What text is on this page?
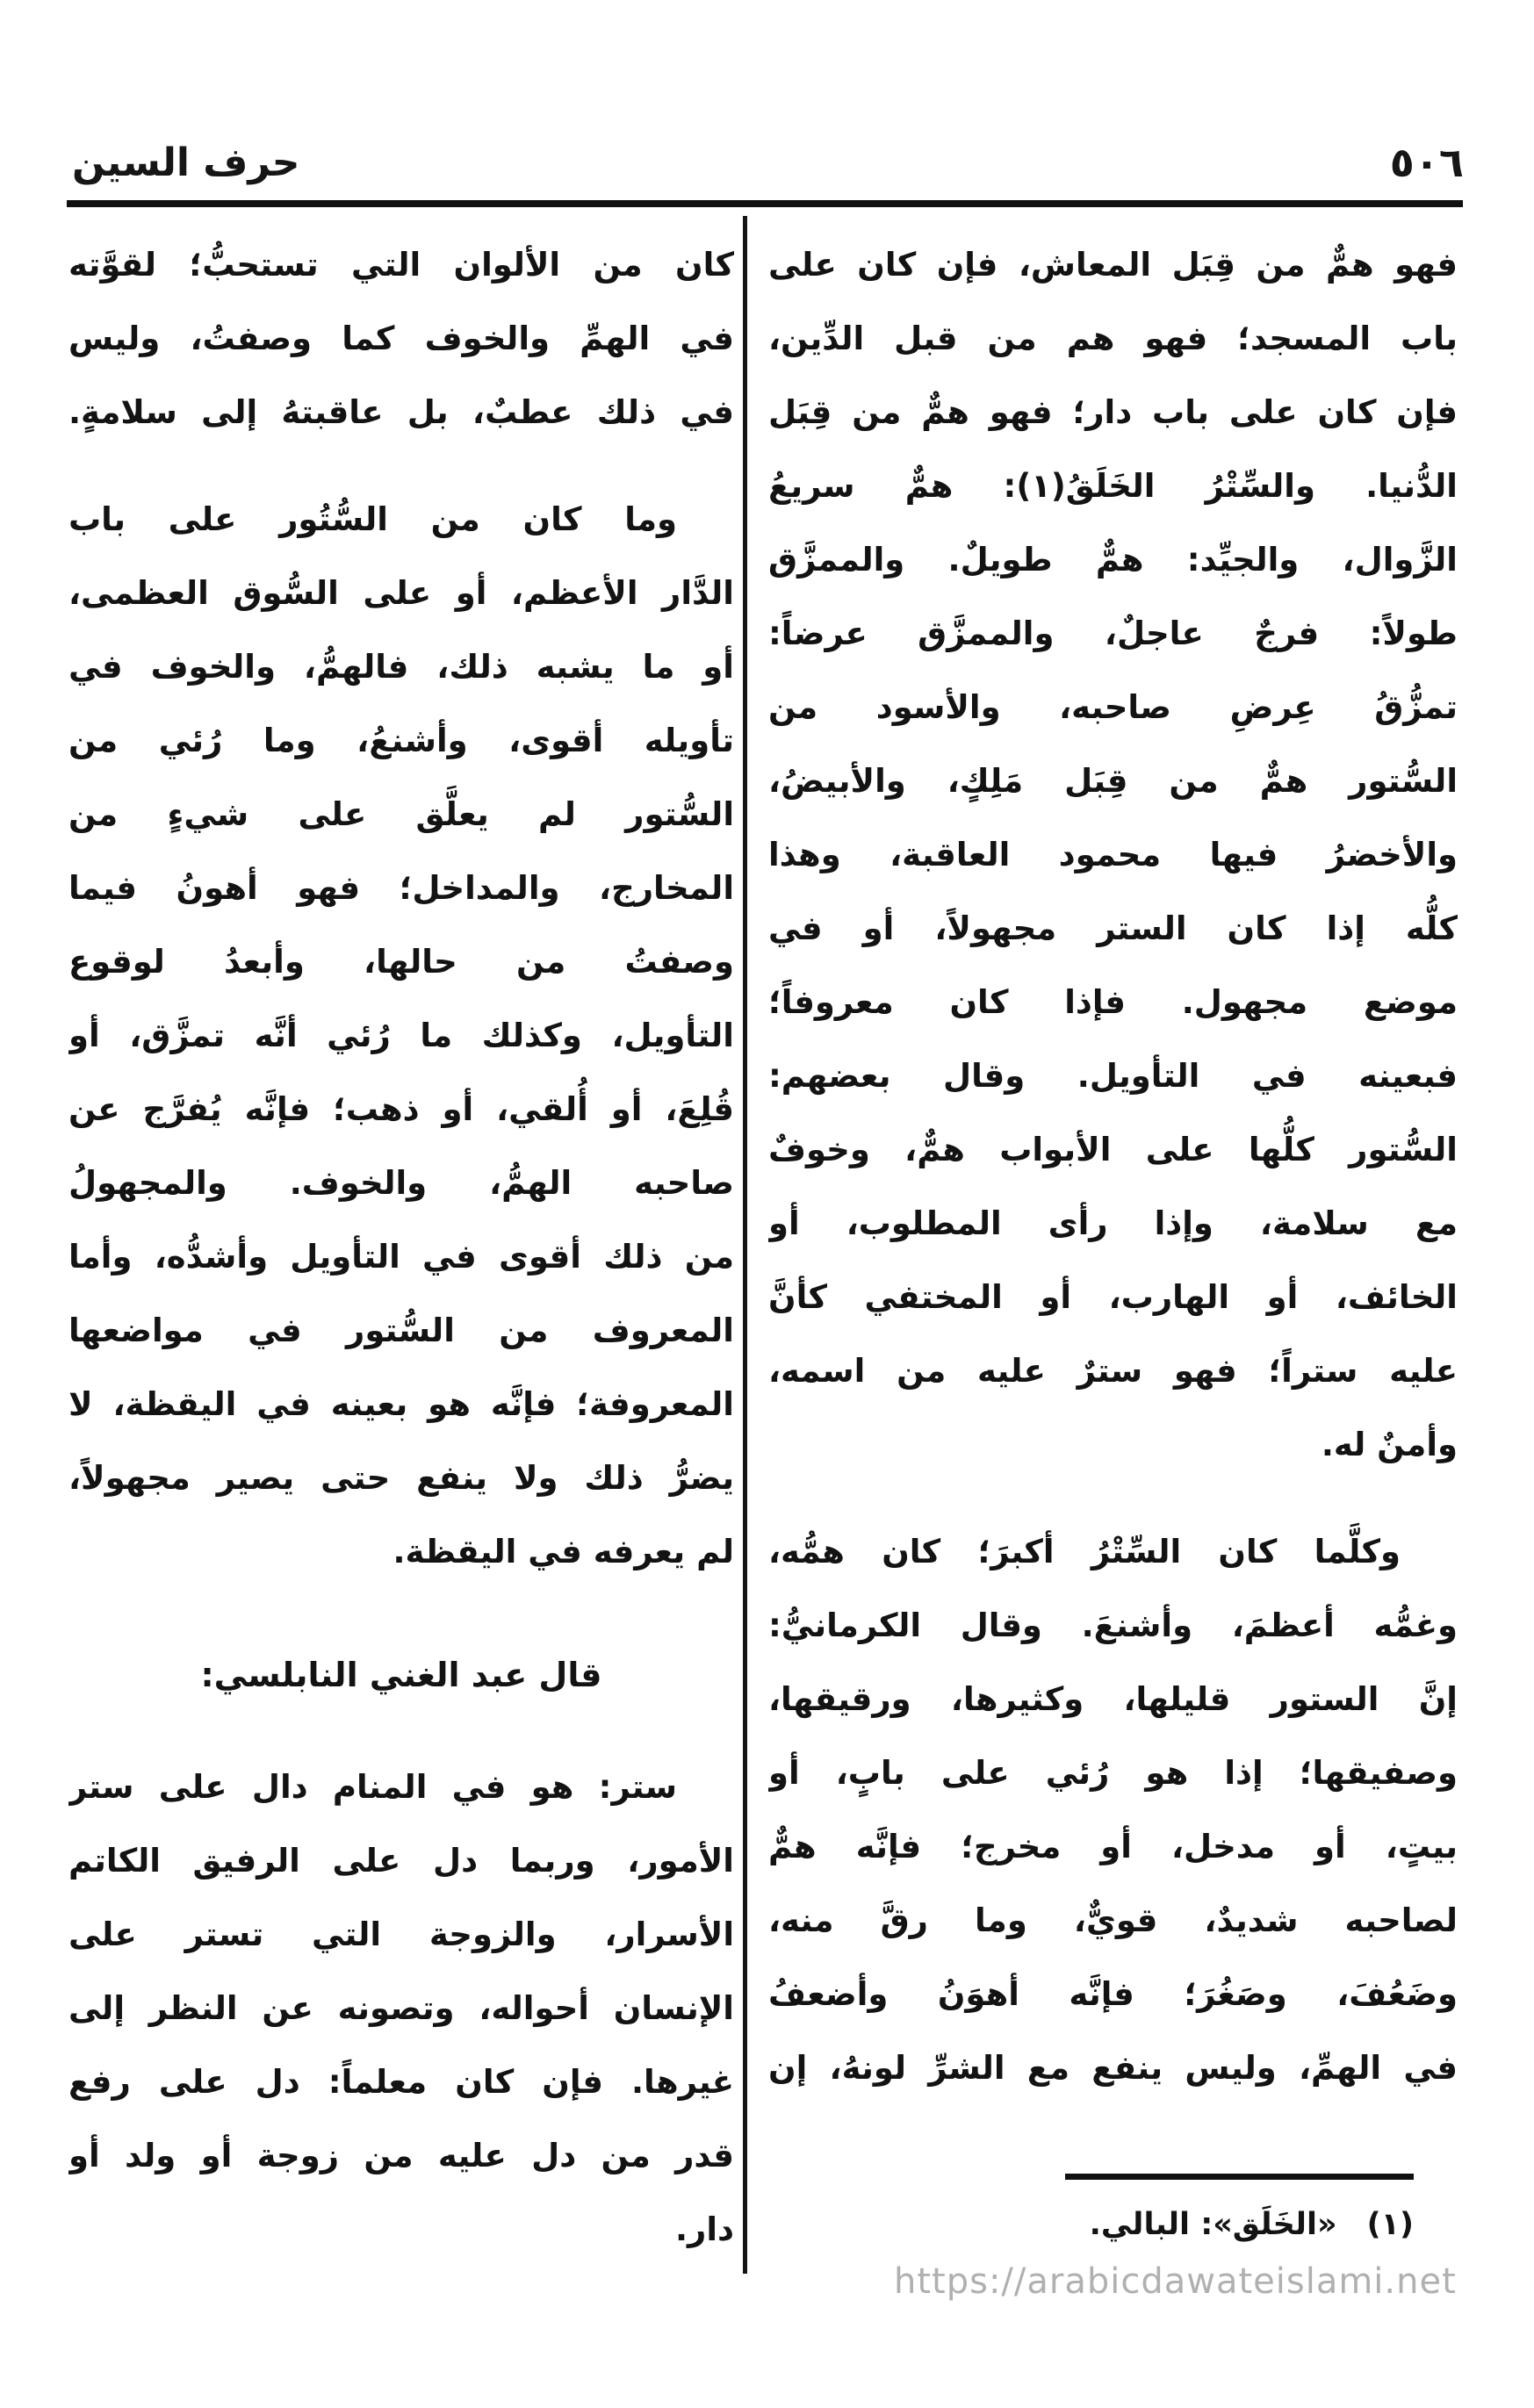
حرف السين	٥٠٦
فهو همٌّ من قِبَل المعاش، فإن كان على
باب المسجد؛ فهو هم من قبل الدِّين،
فإن كان على باب دار؛ فهو همٌّ من قِبَل
الدُّنيا. والسِّتْرُ الخَلَقُ(١): همٌّ سريعُ
الزَّوال، والجيِّد: همٌّ طويلٌ. والممزَّق
طولاً: فرجٌ عاجلٌ، والممزَّق عرضاً:
تمزُّقُ عِرضِ صاحبه، والأسود من
السُّتور همٌّ من قِبَل مَلِكٍ، والأبيضُ،
والأخضرُ فيها محمود العاقبة، وهذا
كلُّه إذا كان الستر مجهولاً، أو في
موضع مجهول. فإذا كان معروفاً؛
فبعينه في التأويل. وقال بعضهم:
السُّتور كلُّها على الأبواب همٌّ، وخوفٌ
مع سلامة، وإذا رأى المطلوب، أو
الخائف، أو الهارب، أو المختفي كأنَّ
عليه ستراً؛ فهو سترٌ عليه من اسمه،
وأمنٌ له.
وكلَّما كان السِّتْرُ أكبرَ؛ كان همُّه،
وغمُّه أعظمَ، وأشنعَ. وقال الكرمانيُّ:
إنَّ الستور قليلها، وكثيرها، ورقيقها،
وصفيقها؛ إذا هو رُئي على بابٍ، أو
بيتٍ، أو مدخل، أو مخرج؛ فإنَّه همٌّ
لصاحبه شديدٌ، قويٌّ، وما رقَّ منه،
وضَعُفَ، وصَغُرَ؛ فإنَّه أهوَنُ وأضعفُ
في الهمِّ، وليس ينفع مع الشرِّ لونهُ، إن
كان من الألوان التي تستحبُّ؛ لقوَّته
في الهمِّ والخوف كما وصفتُ، وليس
في ذلك عطبٌ، بل عاقبتهُ إلى سلامةٍ.
وما كان من السُّتُور على باب
الدَّار الأعظم، أو على السُّوق العظمى،
أو ما يشبه ذلك، فالهمُّ، والخوف في
تأويله أقوى، وأشنعُ، وما رُئي من
السُّتور لم يعلَّق على شيءٍ من
المخارج، والمداخل؛ فهو أهونُ فيما
وصفتُ من حالها، وأبعدُ لوقوع
التأويل، وكذلك ما رُئي أنَّه تمزَّق، أو
قُلِعَ، أو أُلقي، أو ذهب؛ فإنَّه يُفرَّج عن
صاحبه الهمُّ، والخوف. والمجهولُ
من ذلك أقوى في التأويل وأشدُّه، وأما
المعروف من السُّتور في مواضعها
المعروفة؛ فإنَّه هو بعينه في اليقظة، لا
يضرُّ ذلك ولا ينفع حتى يصير مجهولاً،
لم يعرفه في اليقظة.
قال عبد الغني النابلسي:
ستر: هو في المنام دال على ستر
الأمور، وربما دل على الرفيق الكاتم
الأسرار، والزوجة التي تستر على
الإنسان أحواله، وتصونه عن النظر إلى
غيرها. فإن كان معلماً: دل على رفع
قدر من دل عليه من زوجة أو ولد أو
دار.	(١)«الخَلَق»: البالي.
https://arabicdawateislami.net
